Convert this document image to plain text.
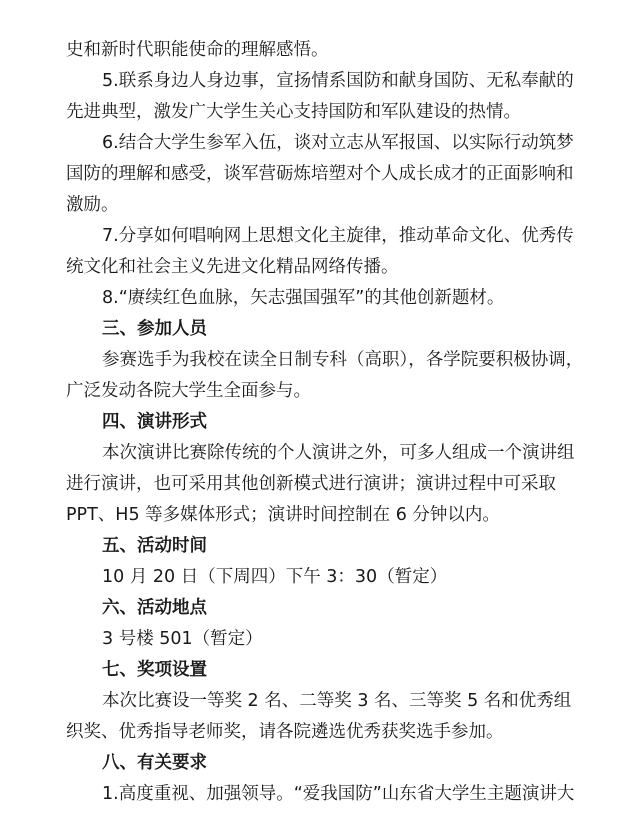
史和新时代职能使命的理解感悟。
5.联系身边人身边事，宣扬情系国防和献身国防、无私奉献的
先进典型，激发广大学生关心支持国防和军队建设的热情。
6.结合大学生参军入伍，谈对立志从军报国、以实际行动筑梦
国防的理解和感受，谈军营砺炼培塑对个人成长成才的正面影响和
激励。
7.分享如何唱响网上思想文化主旋律，推动革命文化、优秀传
统文化和社会主义先进文化精品网络传播。
8.“赓续红色血脉，矢志强国强军”的其他创新题材。
三、参加人员
参赛选手为我校在读全日制专科（高职），各学院要积极协调，
广泛发动各院大学生全面参与。
四、演讲形式
本次演讲比赛除传统的个人演讲之外，可多人组成一个演讲组
进行演讲，也可采用其他创新模式进行演讲；演讲过程中可采取
PPT、H5 等多媒体形式；演讲时间控制在 6 分钟以内。
五、活动时间
10 月 20 日（下周四）下午 3：30（暂定）
六、活动地点
3 号楼 501（暂定）
七、奖项设置
本次比赛设一等奖 2 名、二等奖 3 名、三等奖 5 名和优秀组
织奖、优秀指导老师奖，请各院遴选优秀获奖选手参加。
八、有关要求
1.高度重视、加强领导。“爱我国防”山东省大学生主题演讲大
